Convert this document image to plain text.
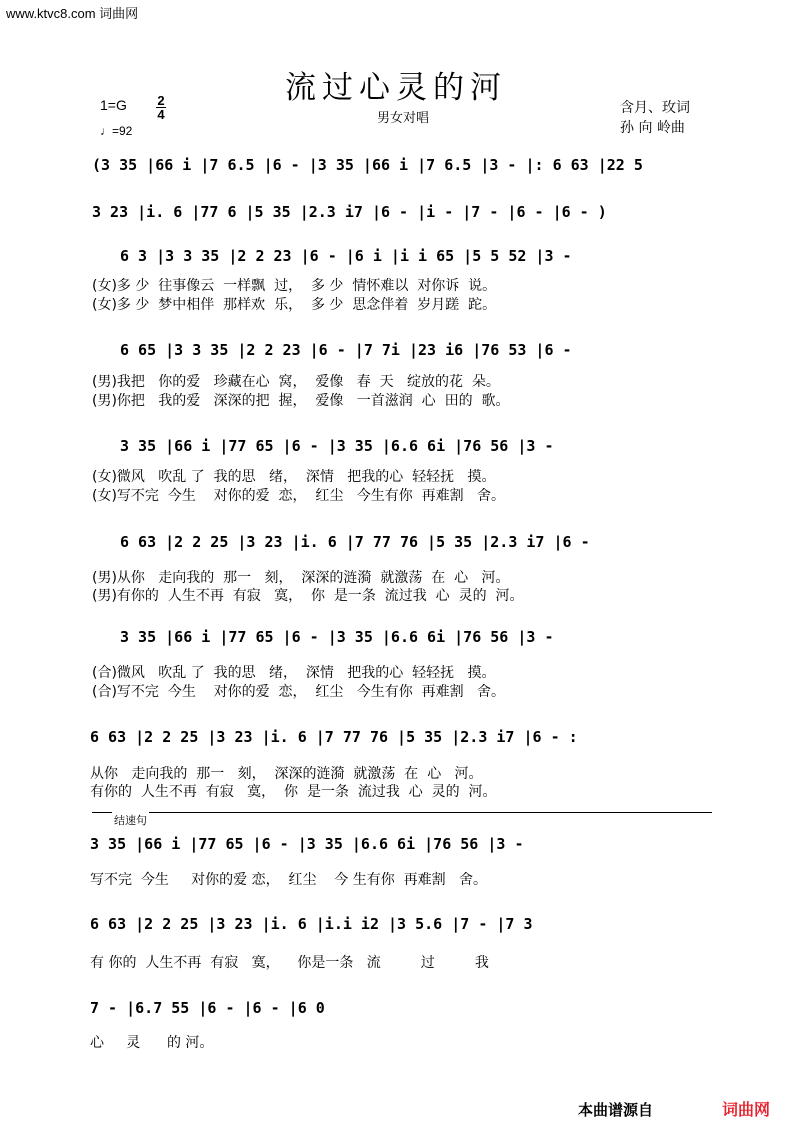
www.ktvc8.com 词曲网
流过心灵的河
1=G 2
4
♩=92
男女对唱
含月、玫词
孙 向 岭曲
(3 35 |66 i |7 6.5 |6 - |3 35 |66 i |7 6.5 |3 - |: 6 63 |22 5
3 23 |i. 6 |77 6 |5 35 |2.3 i7 |6 - |i - |7 - |6 - |6 - )
6 3 |3 3 35 |2 2 23 |6 - |6 i |i i 65 |5 5 52 |3 -
(女)多 少  往事像云  一样飘  过，  多 少  情怀难以  对你诉  说。
(女)多 少  梦中相伴  那样欢  乐，  多 少  思念伴着  岁月蹉  跎。
6 65 |3 3 35 |2 2 23 |6 - |7 7i |23 i6 |76 53 |6 -
(男)我把   你的爱   珍藏在心  窝，  爱像   春  天   绽放的花  朵。
(男)你把   我的爱   深深的把  握，  爱像   一首滋润  心  田的  歌。
3 35 |66 i |77 65 |6 - |3 35 |6.6 6i |76 56 |3 -
(女)微风   吹乱 了  我的思   绪，  深情   把我的心  轻轻抚   摸。
(女)写不完  今生    对你的爱  恋，  红尘   今生有你  再难割   舍。
6 63 |2 2 25 |3 23 |i. 6 |7 77 76 |5 35 |2.3 i7 |6 -
(男)从你   走向我的  那一   刻，  深深的涟漪  就激荡  在  心   河。
(男)有你的  人生不再  有寂   寞，  你  是一条  流过我  心  灵的  河。
3 35 |66 i |77 65 |6 - |3 35 |6.6 6i |76 56 |3 -
(合)微风   吹乱 了  我的思   绪，  深情   把我的心  轻轻抚   摸。
(合)写不完  今生    对你的爱  恋，  红尘   今生有你  再难割   舍。
6 63 |2 2 25 |3 23 |i. 6 |7 77 76 |5 35 |2.3 i7 |6 - :
从你   走向我的  那一   刻，  深深的涟漪  就激荡  在  心   河。
有你的  人生不再  有寂   寞，  你  是一条  流过我  心  灵的  河。
结速句
3 35 |66 i |77 65 |6 - |3 35 |6.6 6i |76 56 |3 -
写不完  今生     对你的爱 恋，  红尘    今 生有你  再难割   舍。
6 63 |2 2 25 |3 23 |i. 6 |i.i i2 |3 5.6 |7 - |7 3
有 你的  人生不再  有寂   寞，    你是一条   流         过         我
7 - |6.7 55 |6 - |6 - |6 0
心     灵      的 河。
本曲谱源自	词曲网
